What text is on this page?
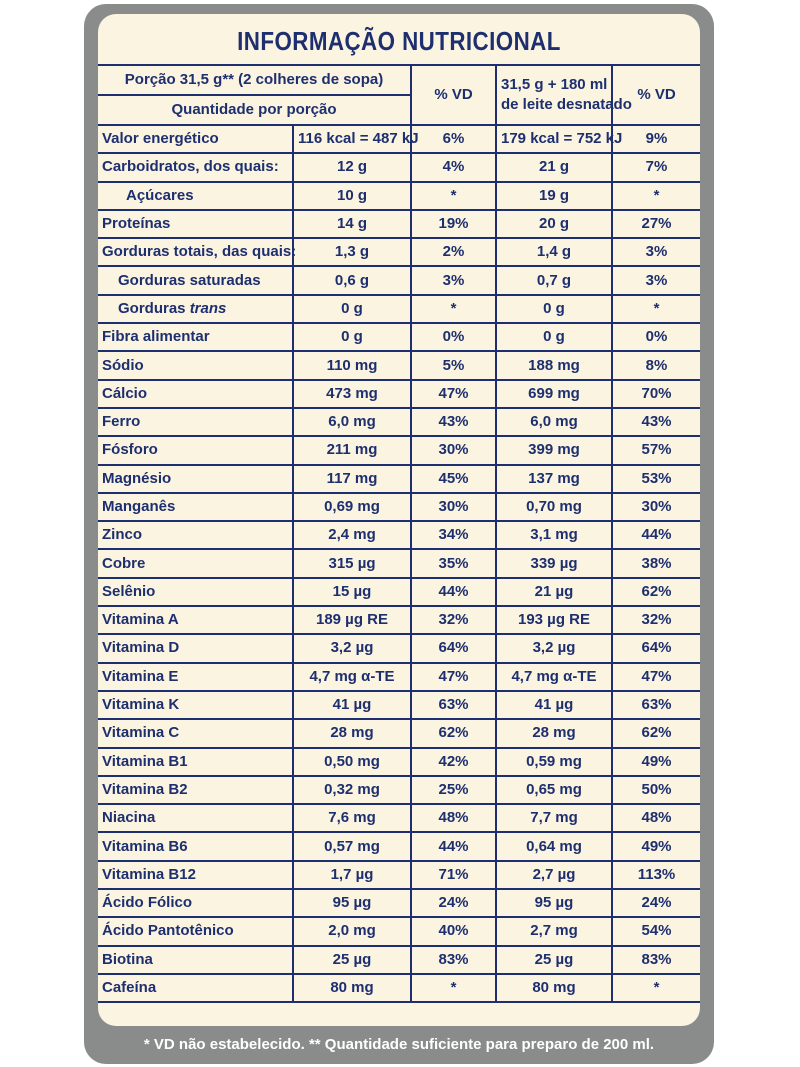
INFORMAÇÃO NUTRICIONAL
Porção 31,5 g** (2 colheres de sopa)		% VD	31,5 g + 180 ml
de leite desnatado	% VD
Quantidade por porção				
Valor energético	116 kcal = 487 kJ	6%	179 kcal = 752 kJ	9%
Carboidratos, dos quais:	12 g	4%	21 g	7%
Açúcares	10 g	*	19 g	*
Proteínas	14 g	19%	20 g	27%
Gorduras totais, das quais:	1,3 g	2%	1,4 g	3%
Gorduras saturadas	0,6 g	3%	0,7 g	3%
Gorduras trans	0 g	*	0 g	*
Fibra alimentar	0 g	0%	0 g	0%
Sódio	110 mg	5%	188 mg	8%
Cálcio	473 mg	47%	699 mg	70%
Ferro	6,0 mg	43%	6,0 mg	43%
Fósforo	211 mg	30%	399 mg	57%
Magnésio	117 mg	45%	137 mg	53%
Manganês	0,69 mg	30%	0,70 mg	30%
Zinco	2,4 mg	34%	3,1 mg	44%
Cobre	315 µg	35%	339 µg	38%
Selênio	15 µg	44%	21 µg	62%
Vitamina A	189 µg RE	32%	193 µg RE	32%
Vitamina D	3,2 µg	64%	3,2 µg	64%
Vitamina E	4,7 mg α-TE	47%	4,7 mg α-TE	47%
Vitamina K	41 µg	63%	41 µg	63%
Vitamina C	28 mg	62%	28 mg	62%
Vitamina B1	0,50 mg	42%	0,59 mg	49%
Vitamina B2	0,32 mg	25%	0,65 mg	50%
Niacina	7,6 mg	48%	7,7 mg	48%
Vitamina B6	0,57 mg	44%	0,64 mg	49%
Vitamina B12	1,7 µg	71%	2,7 µg	113%
Ácido Fólico	95 µg	24%	95 µg	24%
Ácido Pantotênico	2,0 mg	40%	2,7 mg	54%
Biotina	25 µg	83%	25 µg	83%
Cafeína	80 mg	*	80 mg	*
* VD não estabelecido. ** Quantidade suficiente para preparo de 200 ml.
